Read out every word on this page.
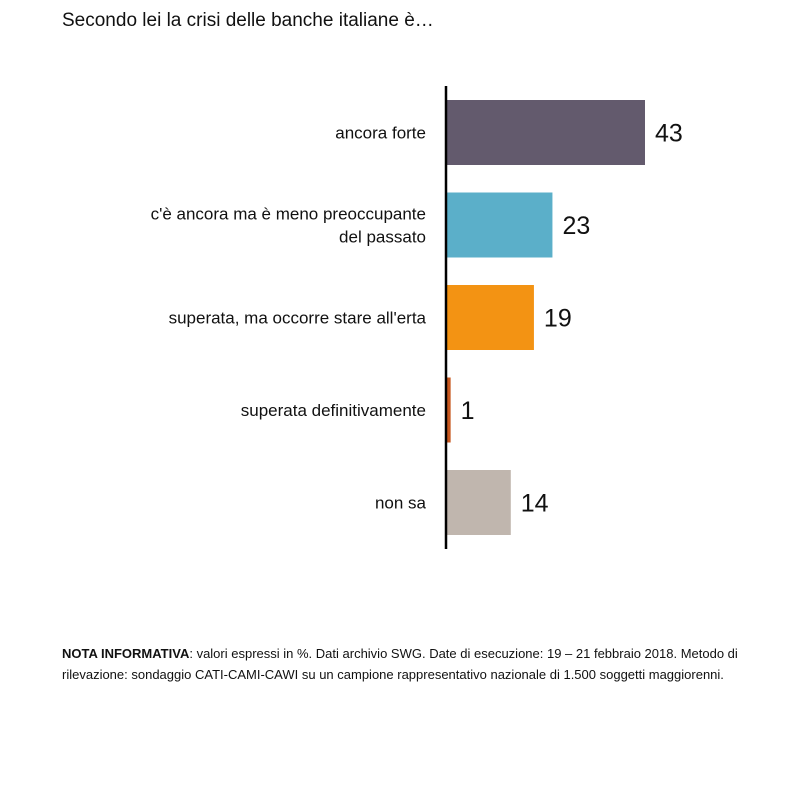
Secondo lei la crisi delle banche italiane è…
ancora forte
c'è ancora ma è meno preoccupante
del passato
superata, ma occorre stare all'erta
superata definitivamente
non sa
43
23
19
1
14

NOTA INFORMATIVA: valori espressi in %. Dati archivio SWG. Date di esecuzione: 19 – 21 febbraio 2018. Metodo di rilevazione: sondaggio CATI-CAMI-CAWI su un campione rappresentativo nazionale di 1.500 soggetti maggiorenni.
